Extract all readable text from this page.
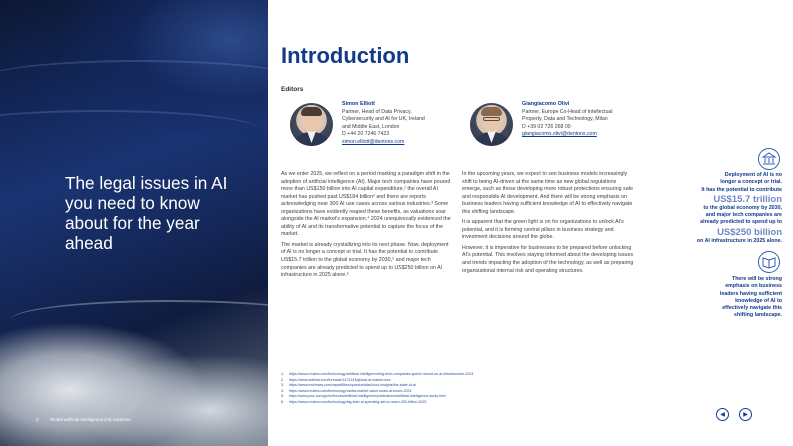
The legal issues in AI you need to know about for the year ahead
2	Global artificial intelligence (AI) solutions
Introduction
Editors
Simon Elliott
Partner, Head of Data Privacy,
Cybersecurity and AI for UK, Ireland
and Middle East, London
D +44 20 7246 7423
simon.elliott@dentons.com
Giangiacomo Olivi
Partner, Europe Co-Head of Intellectual
Property, Data and Technology, Milan
D +39 02 726 268 00
giangiacomo.olivi@dentons.com

As we enter 2025, we reflect on a period marking a paradigm shift in the adoption of artificial intelligence (AI). Major tech companies have poured more than US$150 billion into AI capital expenditure,¹ the overall AI market has pushed past US$184 billion² and there are reports acknowledging near 300 AI use cases across various industries.³ Some organizations have evidently reaped these benefits, as valuations soar alongside the AI market's expansion.⁴ 2024 unequivocally evidenced the ability of AI and its transformative potential to capture the focus of the market.

The market is already crystallizing into its next phase. Now, deployment of AI is no longer a concept or trial. It has the potential to contribute US$15.7 trillion to the global economy by 2030,⁵ and major tech companies are already predicted to spend up to US$250 billion on AI infrastructure in 2025 alone.⁶

In the upcoming years, we expect to see business models increasingly shift to being AI-driven at the same time as new global regulations emerge, such as those developing more robust protections ensuring safe and responsible AI development. And there will be strong emphasis on business leaders having sufficient knowledge of AI to effectively navigate this shifting landscape.

It is apparent that the green light is on for organizations to unlock AI's potential, and it is forming central pillars in business strategy and investment decisions around the globe.

However, it is imperative for businesses to be prepared before unlocking AI's potential. This involves staying informed about the developing issues and trends impacting the adoption of the technology, as well as preparing organizational internal risk and operating structures.

Deployment of AI is no
longer a concept or trial.
It has the potential to contribute
US$15.7 trillion
to the global economy by 2030,
and major tech companies are
already predicted to spend up to
US$250 billion
on AI infrastructure in 2025 alone.
There will be strong
emphasis on business
leaders having sufficient
knowledge of AI to
effectively navigate this
shifting landscape.
1. https://www.reuters.com/technology/artificial-intelligence/big-tech-companies-spend-record-on-ai-infrastructure-2024
2. https://www.statista.com/forecast/1474143/global-ai-market-size
3. https://www.mckinsey.com/capabilities/quantumblack/our-insights/the-state-of-ai
4. https://www.reuters.com/technology/nvidia-market-value-soars-ai-boom-2024
5. https://www.pwc.com/gx/en/issues/artificial-intelligence/publications/artificial-intelligence-study.html
6. https://www.reuters.com/technology/big-tech-ai-spending-set-to-reach-250-billion-2025
◀	▶
